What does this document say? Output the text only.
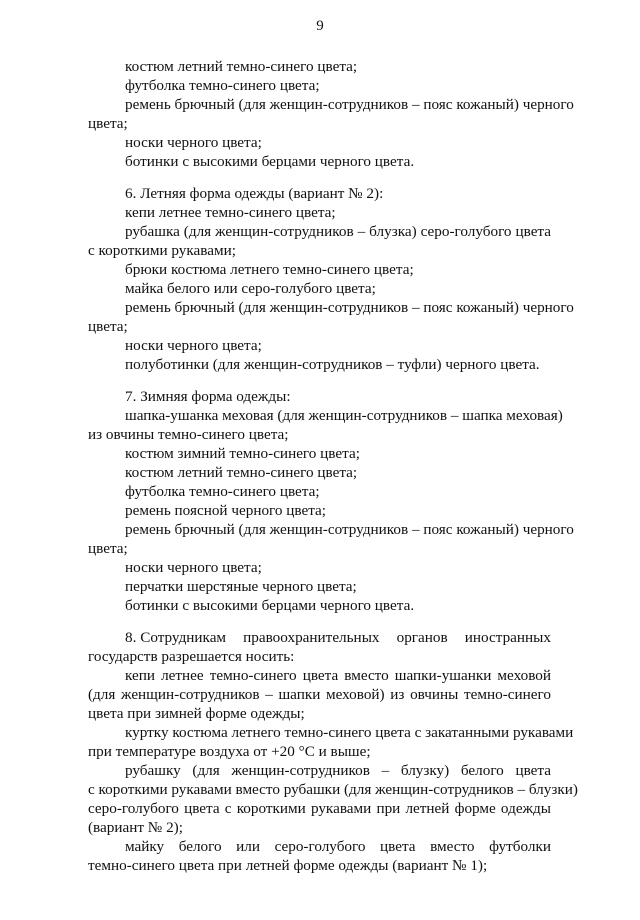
9
костюм летний темно-синего цвета;
футболка темно-синего цвета;
ремень брючный (для женщин-сотрудников – пояс кожаный) черного
цвета;
носки черного цвета;
ботинки с высокими берцами черного цвета.
6. Летняя форма одежды (вариант № 2):
кепи летнее темно-синего цвета;
рубашка (для женщин-сотрудников – блузка) серо-голубого цвета
с короткими рукавами;
брюки костюма летнего темно-синего цвета;
майка белого или серо-голубого цвета;
ремень брючный (для женщин-сотрудников – пояс кожаный) черного
цвета;
носки черного цвета;
полуботинки (для женщин-сотрудников – туфли) черного цвета.
7. Зимняя форма одежды:
шапка-ушанка меховая (для женщин-сотрудников – шапка меховая)
из овчины темно-синего цвета;
костюм зимний темно-синего цвета;
костюм летний темно-синего цвета;
футболка темно-синего цвета;
ремень поясной черного цвета;
ремень брючный (для женщин-сотрудников – пояс кожаный) черного
цвета;
носки черного цвета;
перчатки шерстяные черного цвета;
ботинки с высокими берцами черного цвета.
8. Сотрудникам правоохранительных органов иностранных
государств разрешается носить:
кепи летнее темно-синего цвета вместо шапки-ушанки меховой
(для женщин-сотрудников – шапки меховой) из овчины темно-синего
цвета при зимней форме одежды;
куртку костюма летнего темно-синего цвета с закатанными рукавами
при температуре воздуха от +20 °С и выше;
рубашку (для женщин-сотрудников – блузку) белого цвета
с короткими рукавами вместо рубашки (для женщин-сотрудников – блузки)
серо-голубого цвета с короткими рукавами при летней форме одежды
(вариант № 2);
майку белого или серо-голубого цвета вместо футболки
темно-синего цвета при летней форме одежды (вариант № 1);
